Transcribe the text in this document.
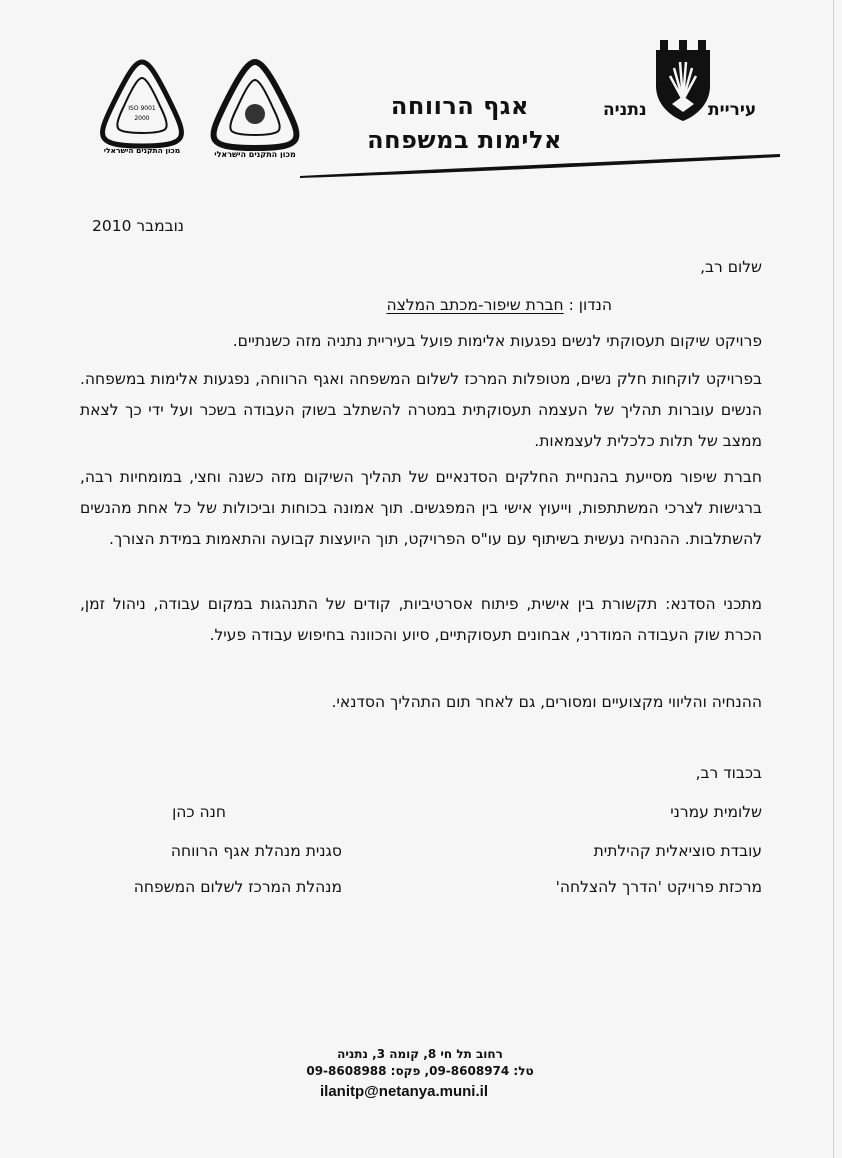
ISO 9001
2000
מכון התקנים הישראלי	מכון התקנים הישראלי
עיריית
נתניה
אגף הרווחה
אלימות במשפחה
נובמבר 2010
שלום רב,
הנדון : חברת שיפור-מכתב המלצה
פרויקט שיקום תעסוקתי לנשים נפגעות אלימות פועל בעיריית נתניה מזה כשנתיים.
בפרויקט לוקחות חלק נשים, מטופלות המרכז לשלום המשפחה ואגף הרווחה, נפגעות אלימות במשפחה. הנשים עוברות תהליך של העצמה תעסוקתית במטרה להשתלב בשוק העבודה בשכר ועל ידי כך לצאת ממצב של תלות כלכלית לעצמאות.
חברת שיפור מסייעת בהנחיית החלקים הסדנאיים של תהליך השיקום מזה כשנה וחצי, במומחיות רבה, ברגישות לצרכי המשתתפות, וייעוץ אישי בין המפגשים. תוך אמונה בכוחות וביכולות של כל אחת מהנשים להשתלבות. ההנחיה נעשית בשיתוף עם עו"ס הפרויקט, תוך היועצות קבועה והתאמות במידת הצורך.
מתכני הסדנא: תקשורת בין אישית, פיתוח אסרטיביות, קודים של התנהגות במקום עבודה, ניהול זמן, הכרת שוק העבודה המודרני, אבחונים תעסוקתיים, סיוע והכוונה בחיפוש עבודה פעיל.
ההנחיה והליווי מקצועיים ומסורים, גם לאחר תום התהליך הסדנאי.
בכבוד רב,
שלומית עמרני
עובדת סוציאלית קהילתית
מרכזת פרויקט 'הדרך להצלחה'
חנה כהן
סגנית מנהלת אגף הרווחה
מנהלת המרכז לשלום המשפחה
רחוב תל חי 8, קומה 3, נתניה
טל: 09-8608974, פקס: 09-8608988
ilanitp@netanya.muni.il
